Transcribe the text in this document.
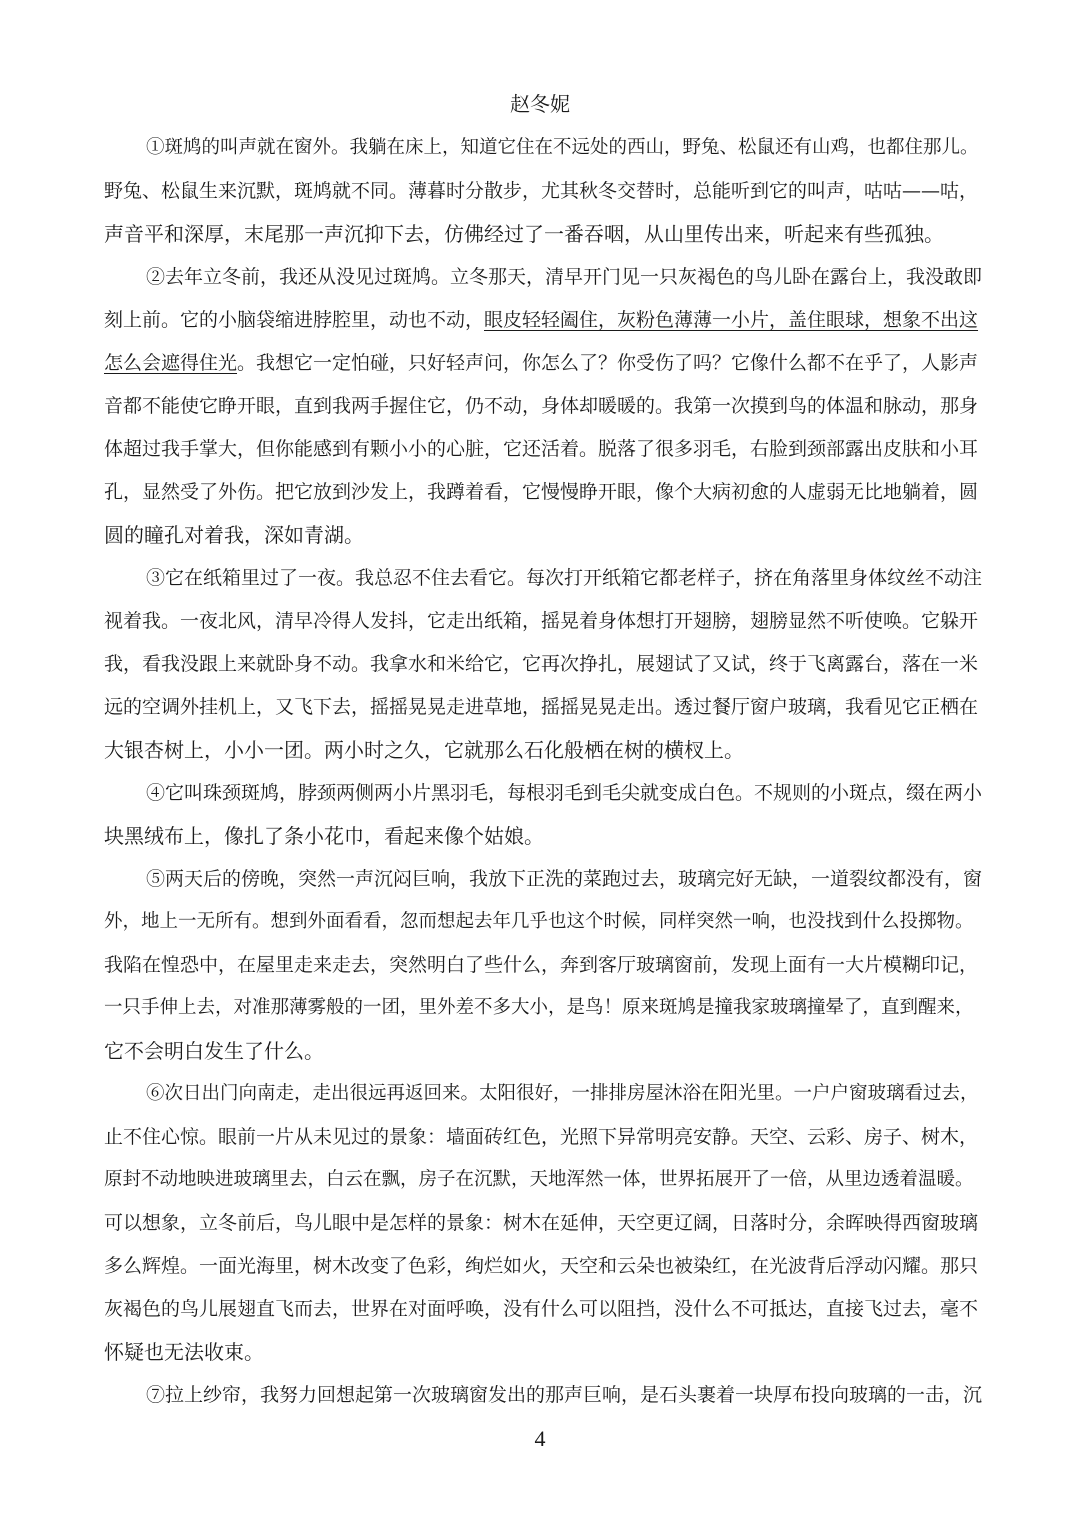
赵冬妮
①斑鸠的叫声就在窗外。我躺在床上，知道它住在不远处的西山，野兔、松鼠还有山鸡，也都住那儿。
野兔、松鼠生来沉默，斑鸠就不同。薄暮时分散步，尤其秋冬交替时，总能听到它的叫声，咕咕——咕，
声音平和深厚，末尾那一声沉抑下去，仿佛经过了一番吞咽，从山里传出来，听起来有些孤独。
②去年立冬前，我还从没见过斑鸠。立冬那天，清早开门见一只灰褐色的鸟儿卧在露台上，我没敢即
刻上前。它的小脑袋缩进脖腔里，动也不动，眼皮轻轻阖住，灰粉色薄薄一小片，盖住眼球，想象不出这
怎么会遮得住光。我想它一定怕碰，只好轻声问，你怎么了？你受伤了吗？它像什么都不在乎了，人影声
音都不能使它睁开眼，直到我两手握住它，仍不动，身体却暖暖的。我第一次摸到鸟的体温和脉动，那身
体超过我手掌大，但你能感到有颗小小的心脏，它还活着。脱落了很多羽毛，右脸到颈部露出皮肤和小耳
孔，显然受了外伤。把它放到沙发上，我蹲着看，它慢慢睁开眼，像个大病初愈的人虚弱无比地躺着，圆
圆的瞳孔对着我，深如青湖。
③它在纸箱里过了一夜。我总忍不住去看它。每次打开纸箱它都老样子，挤在角落里身体纹丝不动注
视着我。一夜北风，清早冷得人发抖，它走出纸箱，摇晃着身体想打开翅膀，翅膀显然不听使唤。它躲开
我，看我没跟上来就卧身不动。我拿水和米给它，它再次挣扎，展翅试了又试，终于飞离露台，落在一米
远的空调外挂机上，又飞下去，摇摇晃晃走进草地，摇摇晃晃走出。透过餐厅窗户玻璃，我看见它正栖在
大银杏树上，小小一团。两小时之久，它就那么石化般栖在树的横杈上。
④它叫珠颈斑鸠，脖颈两侧两小片黑羽毛，每根羽毛到毛尖就变成白色。不规则的小斑点，缀在两小
块黑绒布上，像扎了条小花巾，看起来像个姑娘。
⑤两天后的傍晚，突然一声沉闷巨响，我放下正洗的菜跑过去，玻璃完好无缺，一道裂纹都没有，窗
外，地上一无所有。想到外面看看，忽而想起去年几乎也这个时候，同样突然一响，也没找到什么投掷物。
我陷在惶恐中，在屋里走来走去，突然明白了些什么，奔到客厅玻璃窗前，发现上面有一大片模糊印记，
一只手伸上去，对准那薄雾般的一团，里外差不多大小，是鸟！原来斑鸠是撞我家玻璃撞晕了，直到醒来，
它不会明白发生了什么。
⑥次日出门向南走，走出很远再返回来。太阳很好，一排排房屋沐浴在阳光里。一户户窗玻璃看过去，
止不住心惊。眼前一片从未见过的景象：墙面砖红色，光照下异常明亮安静。天空、云彩、房子、树木，
原封不动地映进玻璃里去，白云在飘，房子在沉默，天地浑然一体，世界拓展开了一倍，从里边透着温暖。
可以想象，立冬前后，鸟儿眼中是怎样的景象：树木在延伸，天空更辽阔，日落时分，余晖映得西窗玻璃
多么辉煌。一面光海里，树木改变了色彩，绚烂如火，天空和云朵也被染红，在光波背后浮动闪耀。那只
灰褐色的鸟儿展翅直飞而去，世界在对面呼唤，没有什么可以阻挡，没什么不可抵达，直接飞过去，毫不
怀疑也无法收束。
⑦拉上纱帘，我努力回想起第一次玻璃窗发出的那声巨响，是石头裹着一块厚布投向玻璃的一击，沉
4
